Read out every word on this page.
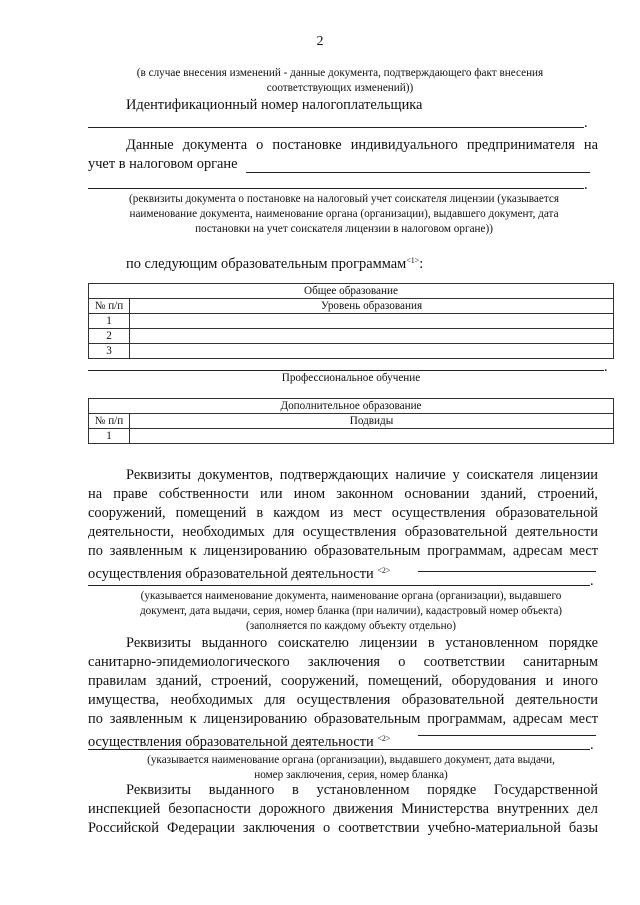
2
(в случае внесения изменений - данные документа, подтверждающего факт внесения
соответствующих изменений))
Идентификационный номер налогоплательщика
.
Данные документа о постановке индивидуального предпринимателя на
учет в налоговом органе
.
(реквизиты документа о постановке на налоговый учет соискателя лицензии (указывается
наименование документа, наименование органа (организации), выдавшего документ, дата
постановки на учет соискателя лицензии в налоговом органе))
по следующим образовательным программам$^{<1>}$:
Общее образование	
№ п/п	Уровень образования
1	
2	
3	
.
Профессиональное обучение
Дополнительное образование	
№ п/п	Подвиды
1	
Реквизиты документов, подтверждающих наличие у соискателя лицензии
на праве собственности или ином законном основании зданий, строений,
сооружений, помещений в каждом из мест осуществления образовательной
деятельности, необходимых для осуществления образовательной деятельности
по заявленным к лицензированию образовательным программам, адресам мест
осуществления образовательной деятельности $^{<2>}$
.
(указывается наименование документа, наименование органа (организации), выдавшего
документ, дата выдачи, серия, номер бланка (при наличии), кадастровый номер объекта)
(заполняется по каждому объекту отдельно)
Реквизиты выданного соискателю лицензии в установленном порядке
санитарно-эпидемиологического заключения о соответствии санитарным
правилам зданий, строений, сооружений, помещений, оборудования и иного
имущества, необходимых для осуществления образовательной деятельности
по заявленным к лицензированию образовательным программам, адресам мест
осуществления образовательной деятельности $^{<2>}$	.
(указывается наименование органа (организации), выдавшего документ, дата выдачи,
номер заключения, серия, номер бланка)
Реквизиты выданного в установленном порядке Государственной
инспекцией безопасности дорожного движения Министерства внутренних дел
Российской Федерации заключения о соответствии учебно-материальной базы
